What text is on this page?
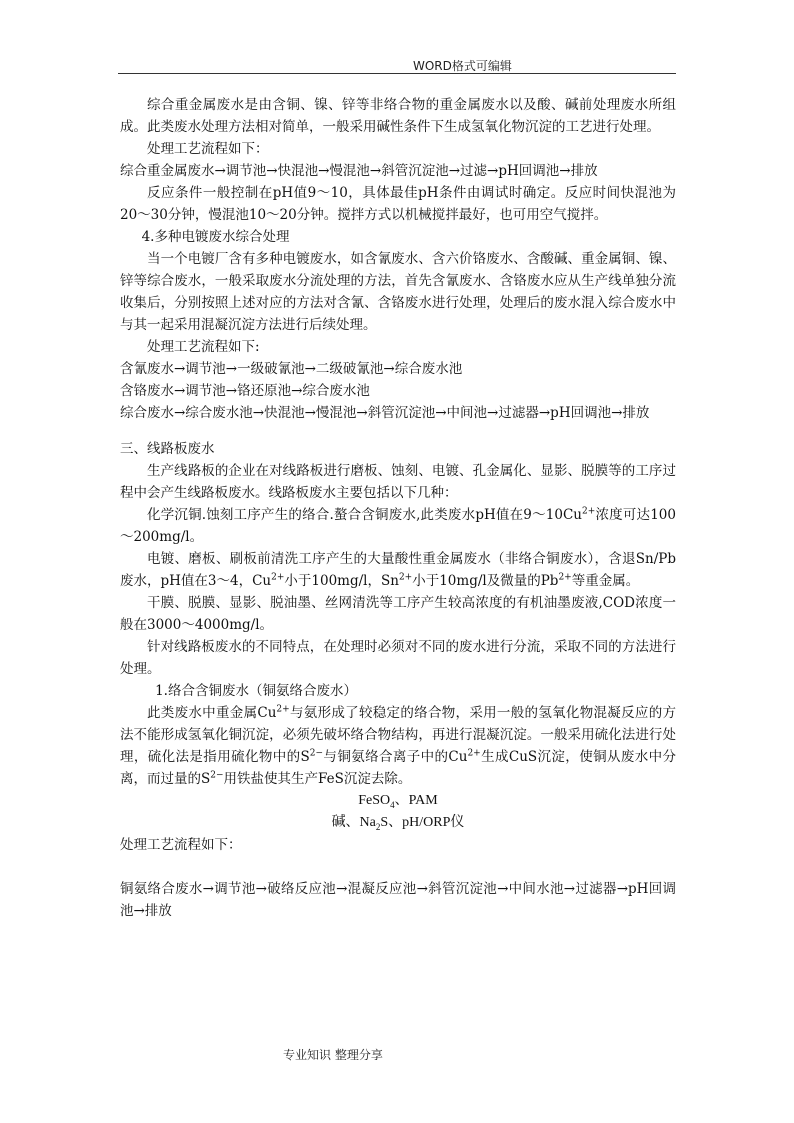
WORD格式可编辑

综合重金属废水是由含铜、镍、锌等非络合物的重金属废水以及酸、碱前处理废水所组成。此类废水处理方法相对简单，一般采用碱性条件下生成氢氧化物沉淀的工艺进行处理。

处理工艺流程如下：

综合重金属废水→调节池→快混池→慢混池→斜管沉淀池→过滤→pH回调池→排放

反应条件一般控制在pH值9～10，具体最佳pH条件由调试时确定。反应时间快混池为20～30分钟，慢混池10～20分钟。搅拌方式以机械搅拌最好，也可用空气搅拌。

4.多种电镀废水综合处理

当一个电镀厂含有多种电镀废水，如含氰废水、含六价铬废水、含酸碱、重金属铜、镍、锌等综合废水，一般采取废水分流处理的方法，首先含氰废水、含铬废水应从生产线单独分流收集后，分别按照上述对应的方法对含氰、含铬废水进行处理，处理后的废水混入综合废水中与其一起采用混凝沉淀方法进行后续处理。

处理工艺流程如下:

含氰废水→调节池→一级破氰池→二级破氰池→综合废水池

含铬废水→调节池→铬还原池→综合废水池

综合废水→综合废水池→快混池→慢混池→斜管沉淀池→中间池→过滤器→pH回调池→排放

三、线路板废水

生产线路板的企业在对线路板进行磨板、蚀刻、电镀、孔金属化、显影、脱膜等的工序过程中会产生线路板废水。线路板废水主要包括以下几种：

化学沉铜.蚀刻工序产生的络合.螯合含铜废水,此类废水pH值在$9\sim 10Cu^{2+}$浓度可达100～200mg/l。

电镀、磨板、刷板前清洗工序产生的大量酸性重金属废水（非络合铜废水），含退Sn/Pb废水，pH值在3～4，$Cu^{2+}$小于100mg/l，$Sn^{2+}$小于10mg/l及微量的$Pb^{2+}$等重金属。

干膜、脱膜、显影、脱油墨、丝网清洗等工序产生较高浓度的有机油墨废液,COD浓度一般在3000～4000mg/l。

针对线路板废水的不同特点，在处理时必须对不同的废水进行分流，采取不同的方法进行处理。

1.络合含铜废水（铜氨络合废水）

此类废水中重金属$Cu^{2+}$与氨形成了较稳定的络合物，采用一般的氢氧化物混凝反应的方法不能形成氢氧化铜沉淀，必须先破坏络合物结构，再进行混凝沉淀。一般采用硫化法进行处理，硫化法是指用硫化物中的$S^{2-}$与铜氨络合离子中的$Cu^{2+}$生成CuS沉淀，使铜从废水中分离，而过量的$S^{2-}$用铁盐使其生产FeS沉淀去除。

FeSO$_4$、PAM

碱、$Na_2S$、pH/ORP仪

处理工艺流程如下：

铜氨络合废水→调节池→破络反应池→混凝反应池→斜管沉淀池→中间水池→过滤器→pH回调池→排放

专业知识 整理分享
